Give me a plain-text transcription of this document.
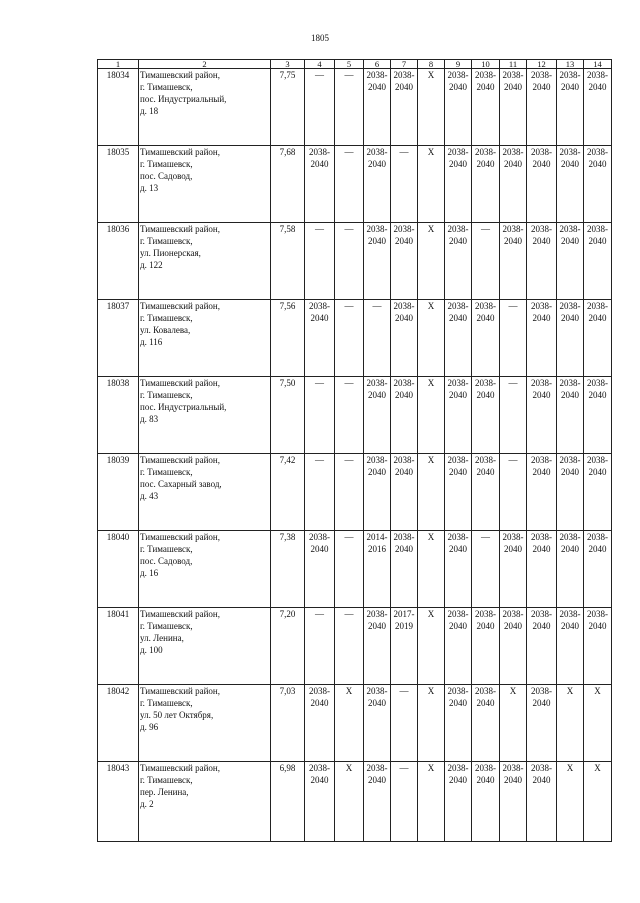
1805
1	2	3	4	5	6	7	8	9	10	11	12	13	14
18034	Тимашевский район,
г. Тимашевск,
пос. Индустриальный,
д. 18	7,75	—	—	2038-
2040	2038-
2040	X	2038-
2040	2038-
2040	2038-
2040	2038-
2040	2038-
2040	2038-
2040
18035	Тимашевский район,
г. Тимашевск,
пос. Садовод,
д. 13	7,68	2038-
2040	—	2038-
2040	—	X	2038-
2040	2038-
2040	2038-
2040	2038-
2040	2038-
2040	2038-
2040
18036	Тимашевский район,
г. Тимашевск,
ул. Пионерская,
д. 122	7,58	—	—	2038-
2040	2038-
2040	X	2038-
2040	—	2038-
2040	2038-
2040	2038-
2040	2038-
2040
18037	Тимашевский район,
г. Тимашевск,
ул. Ковалева,
д. 116	7,56	2038-
2040	—	—	2038-
2040	X	2038-
2040	2038-
2040	—	2038-
2040	2038-
2040	2038-
2040
18038	Тимашевский район,
г. Тимашевск,
пос. Индустриальный,
д. 83	7,50	—	—	2038-
2040	2038-
2040	X	2038-
2040	2038-
2040	—	2038-
2040	2038-
2040	2038-
2040
18039	Тимашевский район,
г. Тимашевск,
пос. Сахарный завод,
д. 43	7,42	—	—	2038-
2040	2038-
2040	X	2038-
2040	2038-
2040	—	2038-
2040	2038-
2040	2038-
2040
18040	Тимашевский район,
г. Тимашевск,
пос. Садовод,
д. 16	7,38	2038-
2040	—	2014-
2016	2038-
2040	X	2038-
2040	—	2038-
2040	2038-
2040	2038-
2040	2038-
2040
18041	Тимашевский район,
г. Тимашевск,
ул. Ленина,
д. 100	7,20	—	—	2038-
2040	2017-
2019	X	2038-
2040	2038-
2040	2038-
2040	2038-
2040	2038-
2040	2038-
2040
18042	Тимашевский район,
г. Тимашевск,
ул. 50 лет Октября,
д. 96	7,03	2038-
2040	X	2038-
2040	—	X	2038-
2040	2038-
2040	X	2038-
2040	X	X
18043	Тимашевский район,
г. Тимашевск,
пер. Ленина,
д. 2	6,98	2038-
2040	X	2038-
2040	—	X	2038-
2040	2038-
2040	2038-
2040	2038-
2040	X	X
